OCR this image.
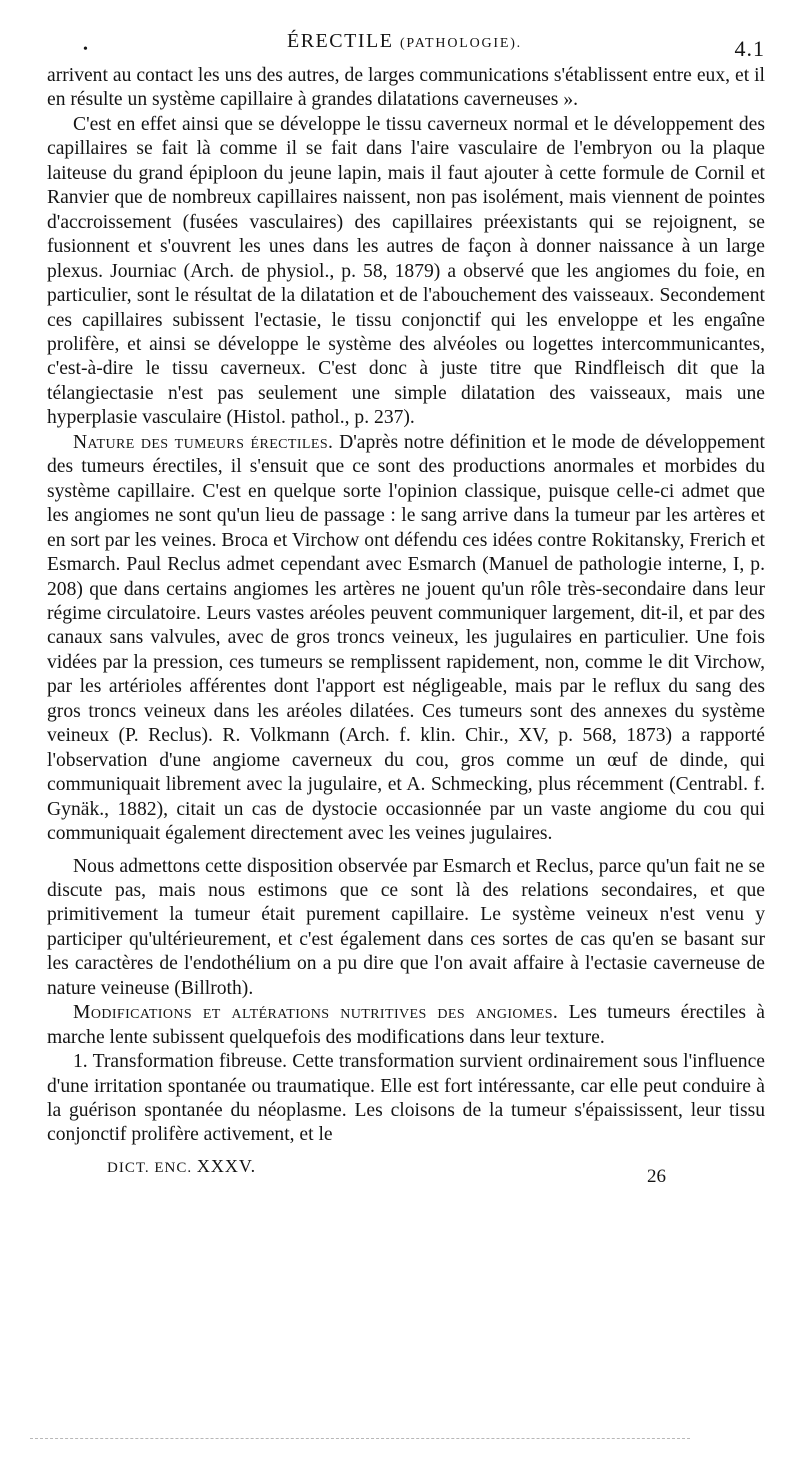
•	ÉRECTILE (PATHOLOGIE).	4.1

arrivent au contact les uns des autres, de larges communications s'établissent entre eux, et il en résulte un système capillaire à grandes dilatations caverneuses ».

C'est en effet ainsi que se développe le tissu caverneux normal et le développement des capillaires se fait là comme il se fait dans l'aire vasculaire de l'embryon ou la plaque laiteuse du grand épiploon du jeune lapin, mais il faut ajouter à cette formule de Cornil et Ranvier que de nombreux capillaires naissent, non pas isolément, mais viennent de pointes d'accroissement (fusées vasculaires) des capillaires préexistants qui se rejoignent, se fusionnent et s'ouvrent les unes dans les autres de façon à donner naissance à un large plexus. Journiac (Arch. de physiol., p. 58, 1879) a observé que les angiomes du foie, en particulier, sont le résultat de la dilatation et de l'abouchement des vaisseaux. Secondement ces capillaires subissent l'ectasie, le tissu conjonctif qui les enveloppe et les engaîne prolifère, et ainsi se développe le système des alvéoles ou logettes intercommunicantes, c'est-à-dire le tissu caverneux. C'est donc à juste titre que Rindfleisch dit que la télangiectasie n'est pas seulement une simple dilatation des vaisseaux, mais une hyperplasie vasculaire (Histol. pathol., p. 237).

Nature des tumeurs érectiles. D'après notre définition et le mode de développement des tumeurs érectiles, il s'ensuit que ce sont des productions anormales et morbides du système capillaire. C'est en quelque sorte l'opinion classique, puisque celle-ci admet que les angiomes ne sont qu'un lieu de passage : le sang arrive dans la tumeur par les artères et en sort par les veines. Broca et Virchow ont défendu ces idées contre Rokitansky, Frerich et Esmarch. Paul Reclus admet cependant avec Esmarch (Manuel de pathologie interne, I, p. 208) que dans certains angiomes les artères ne jouent qu'un rôle très-secondaire dans leur régime circulatoire. Leurs vastes aréoles peuvent communiquer largement, dit-il, et par des canaux sans valvules, avec de gros troncs veineux, les jugulaires en particulier. Une fois vidées par la pression, ces tumeurs se remplissent rapidement, non, comme le dit Virchow, par les artérioles afférentes dont l'apport est négligeable, mais par le reflux du sang des gros troncs veineux dans les aréoles dilatées. Ces tumeurs sont des annexes du système veineux (P. Reclus). R. Volkmann (Arch. f. klin. Chir., XV, p. 568, 1873) a rapporté l'observation d'une angiome caverneux du cou, gros comme un œuf de dinde, qui communiquait librement avec la jugulaire, et A. Schmecking, plus récemment (Centrabl. f. Gynäk., 1882), citait un cas de dystocie occasionnée par un vaste angiome du cou qui communiquait également directement avec les veines jugulaires.

Nous admettons cette disposition observée par Esmarch et Reclus, parce qu'un fait ne se discute pas, mais nous estimons que ce sont là des relations secondaires, et que primitivement la tumeur était purement capillaire. Le système veineux n'est venu y participer qu'ultérieurement, et c'est également dans ces sortes de cas qu'en se basant sur les caractères de l'endothélium on a pu dire que l'on avait affaire à l'ectasie caverneuse de nature veineuse (Billroth).

Modifications et altérations nutritives des angiomes. Les tumeurs érectiles à marche lente subissent quelquefois des modifications dans leur texture.

1. Transformation fibreuse. Cette transformation survient ordinairement sous l'influence d'une irritation spontanée ou traumatique. Elle est fort intéressante, car elle peut conduire à la guérison spontanée du néoplasme. Les cloisons de la tumeur s'épaississent, leur tissu conjonctif prolifère activement, et le

DICT. ENC. XXXV.	26
